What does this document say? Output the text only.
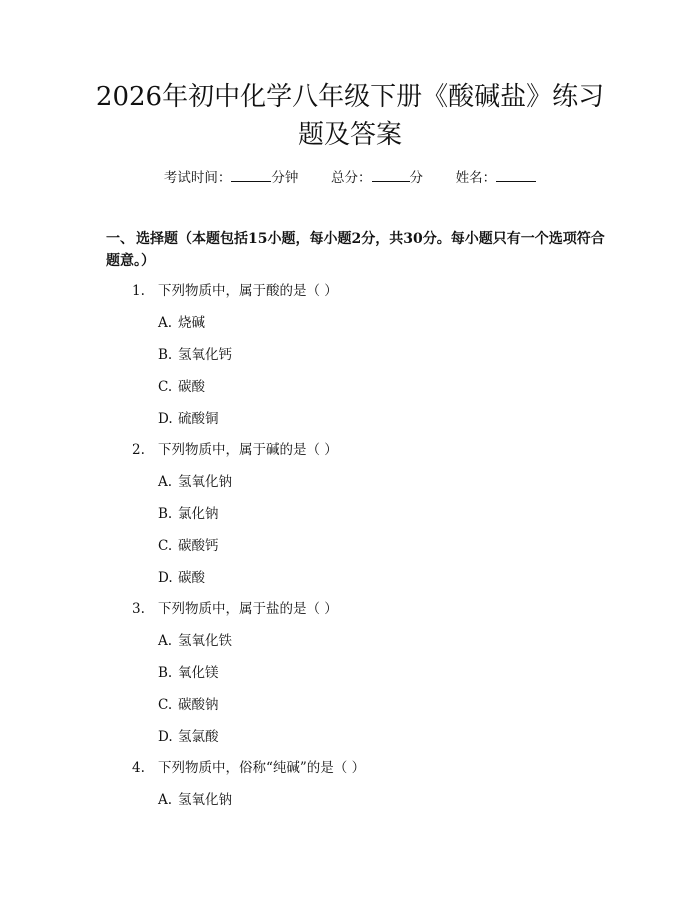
2026年初中化学八年级下册《酸碱盐》练习题及答案
考试时间：	分钟 总分：	分 姓名：
一、 选择题（本题包括15小题，每小题2分，共30分。每小题只有一个选项符合题意。）
1. 下列物质中，属于酸的是（ ）
A. 烧碱
B. 氢氧化钙
C. 碳酸
D. 硫酸铜
2. 下列物质中，属于碱的是（ ）
A. 氢氧化钠
B. 氯化钠
C. 碳酸钙
D. 碳酸
3. 下列物质中，属于盐的是（ ）
A. 氢氧化铁
B. 氧化镁
C. 碳酸钠
D. 氢氯酸
4. 下列物质中，俗称“纯碱”的是（ ）
A. 氢氧化钠
